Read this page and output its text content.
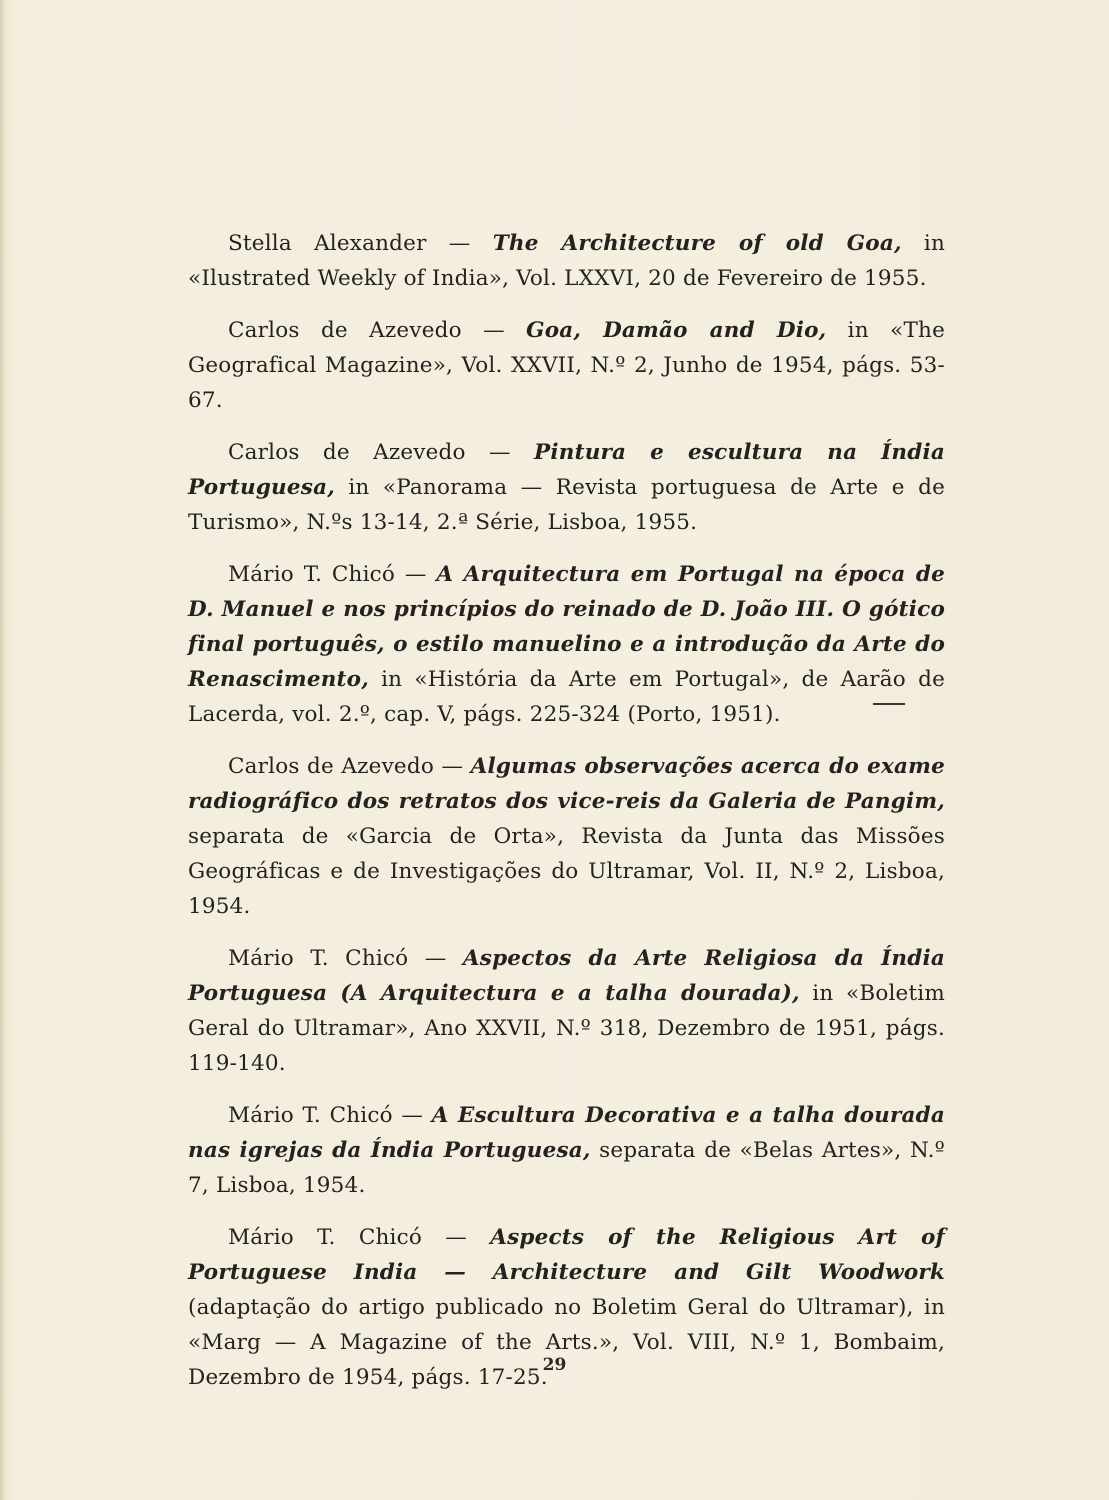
Stella Alexander — The Architecture of old Goa, in «Ilustrated Weekly of India», Vol. LXXVI, 20 de Fevereiro de 1955.

Carlos de Azevedo — Goa, Damão and Dio, in «The Geografical Magazine», Vol. XXVII, N.º 2, Junho de 1954, págs. 53-67.

Carlos de Azevedo — Pintura e escultura na Índia Portuguesa, in «Panorama — Revista portuguesa de Arte e de Turismo», N.ºs 13-14, 2.ª Série, Lisboa, 1955.

Mário T. Chicó — A Arquitectura em Portugal na época de D. Manuel e nos princípios do reinado de D. João III. O gótico final português, o estilo manuelino e a introdução da Arte do Renascimento, in «História da Arte em Portugal», de Aarão de Lacerda, vol. 2.º, cap. V, págs. 225-324 (Porto, 1951).

Carlos de Azevedo — Algumas observações acerca do exame radiográfico dos retratos dos vice-reis da Galeria de Pangim, separata de «Garcia de Orta», Revista da Junta das Missões Geográficas e de Investigações do Ultramar, Vol. II, N.º 2, Lisboa, 1954.

Mário T. Chicó — Aspectos da Arte Religiosa da Índia Portuguesa (A Arquitectura e a talha dourada), in «Boletim Geral do Ultramar», Ano XXVII, N.º 318, Dezembro de 1951, págs. 119-140.

Mário T. Chicó — A Escultura Decorativa e a talha dourada nas igrejas da Índia Portuguesa, separata de «Belas Artes», N.º 7, Lisboa, 1954.

Mário T. Chicó — Aspects of the Religious Art of Portuguese India — Architecture and Gilt Woodwork (adaptação do artigo publicado no Boletim Geral do Ultramar), in «Marg — A Magazine of the Arts.», Vol. VIII, N.º 1, Bombaim, Dezembro de 1954, págs. 17-25.

29
